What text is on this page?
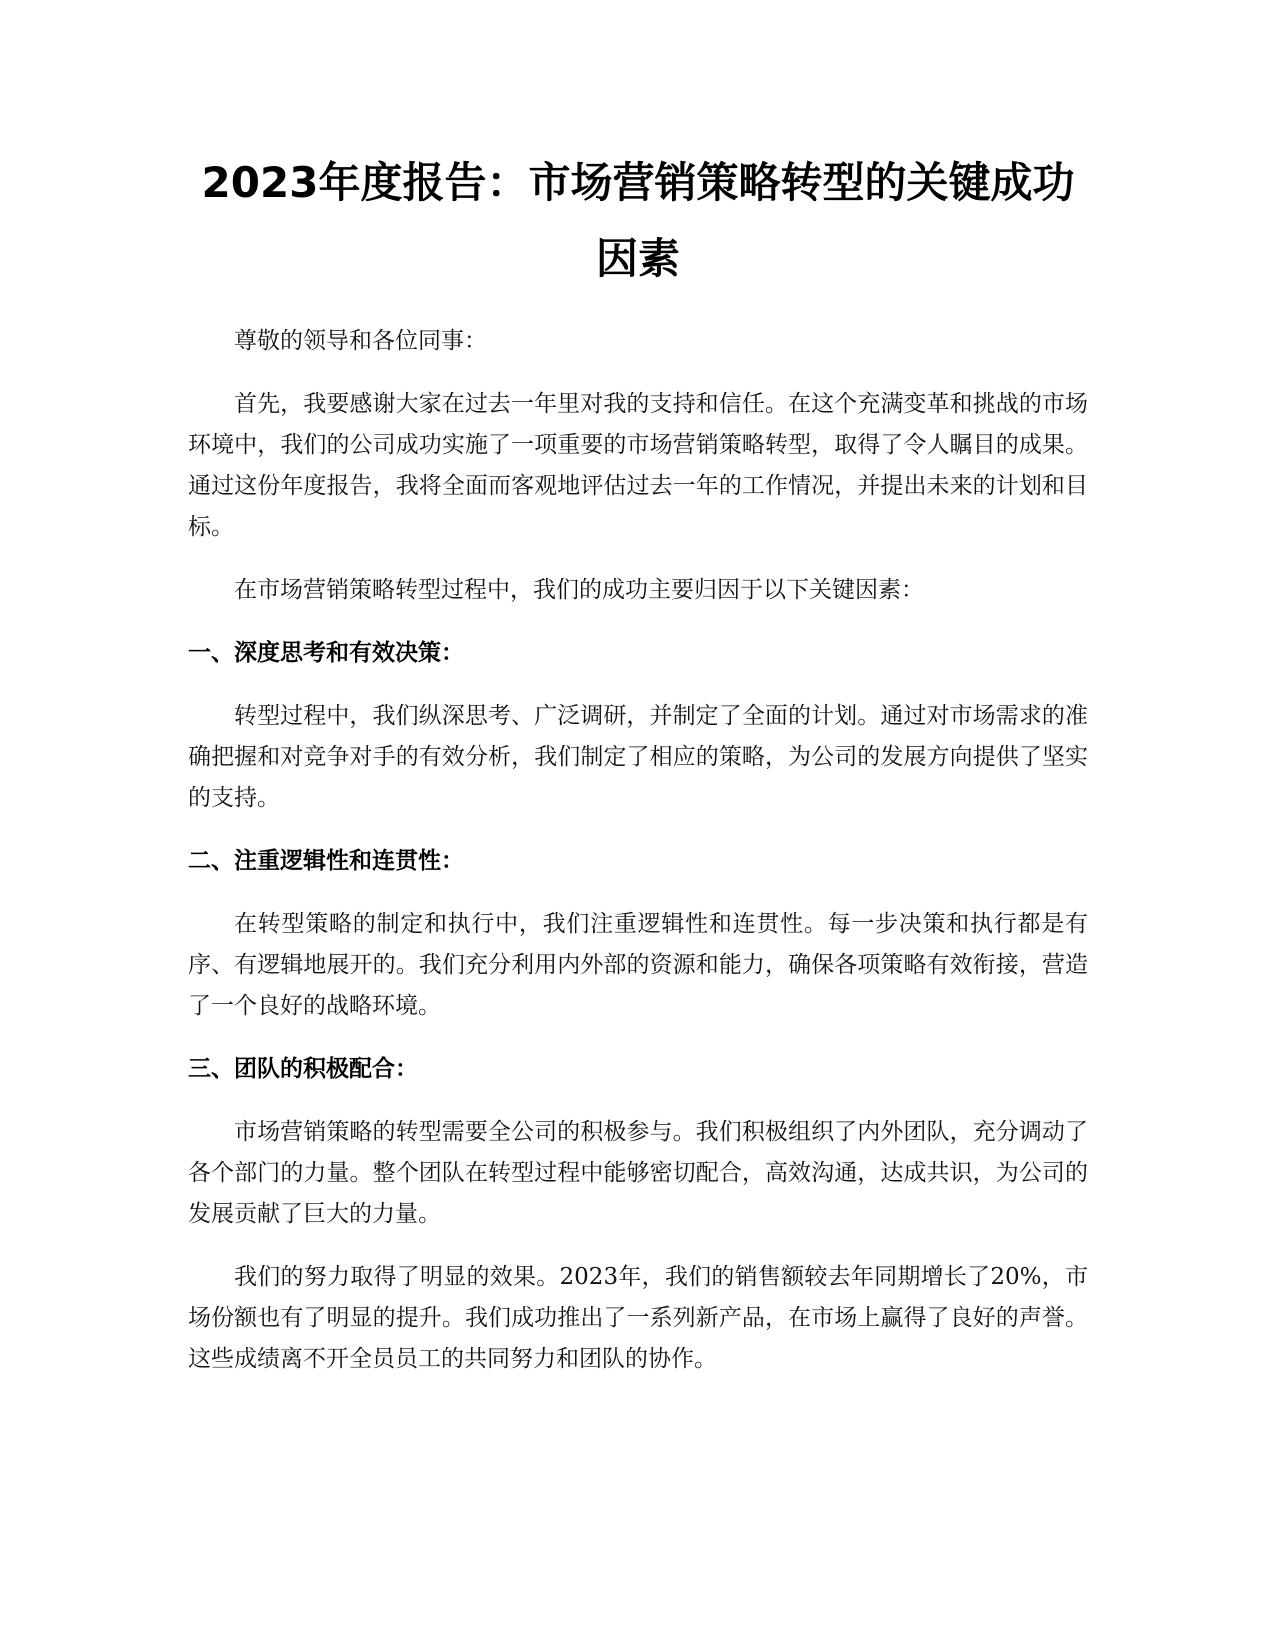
2023年度报告：市场营销策略转型的关键成功因素

尊敬的领导和各位同事：

首先，我要感谢大家在过去一年里对我的支持和信任。在这个充满变革和挑战的市场环境中，我们的公司成功实施了一项重要的市场营销策略转型，取得了令人瞩目的成果。通过这份年度报告，我将全面而客观地评估过去一年的工作情况，并提出未来的计划和目标。

在市场营销策略转型过程中，我们的成功主要归因于以下关键因素：

一、深度思考和有效决策：

转型过程中，我们纵深思考、广泛调研，并制定了全面的计划。通过对市场需求的准确把握和对竞争对手的有效分析，我们制定了相应的策略，为公司的发展方向提供了坚实的支持。

二、注重逻辑性和连贯性：

在转型策略的制定和执行中，我们注重逻辑性和连贯性。每一步决策和执行都是有序、有逻辑地展开的。我们充分利用内外部的资源和能力，确保各项策略有效衔接，营造了一个良好的战略环境。

三、团队的积极配合：

市场营销策略的转型需要全公司的积极参与。我们积极组织了内外团队，充分调动了各个部门的力量。整个团队在转型过程中能够密切配合，高效沟通，达成共识，为公司的发展贡献了巨大的力量。

我们的努力取得了明显的效果。2023年，我们的销售额较去年同期增长了20%，市场份额也有了明显的提升。我们成功推出了一系列新产品，在市场上赢得了良好的声誉。这些成绩离不开全员员工的共同努力和团队的协作。
